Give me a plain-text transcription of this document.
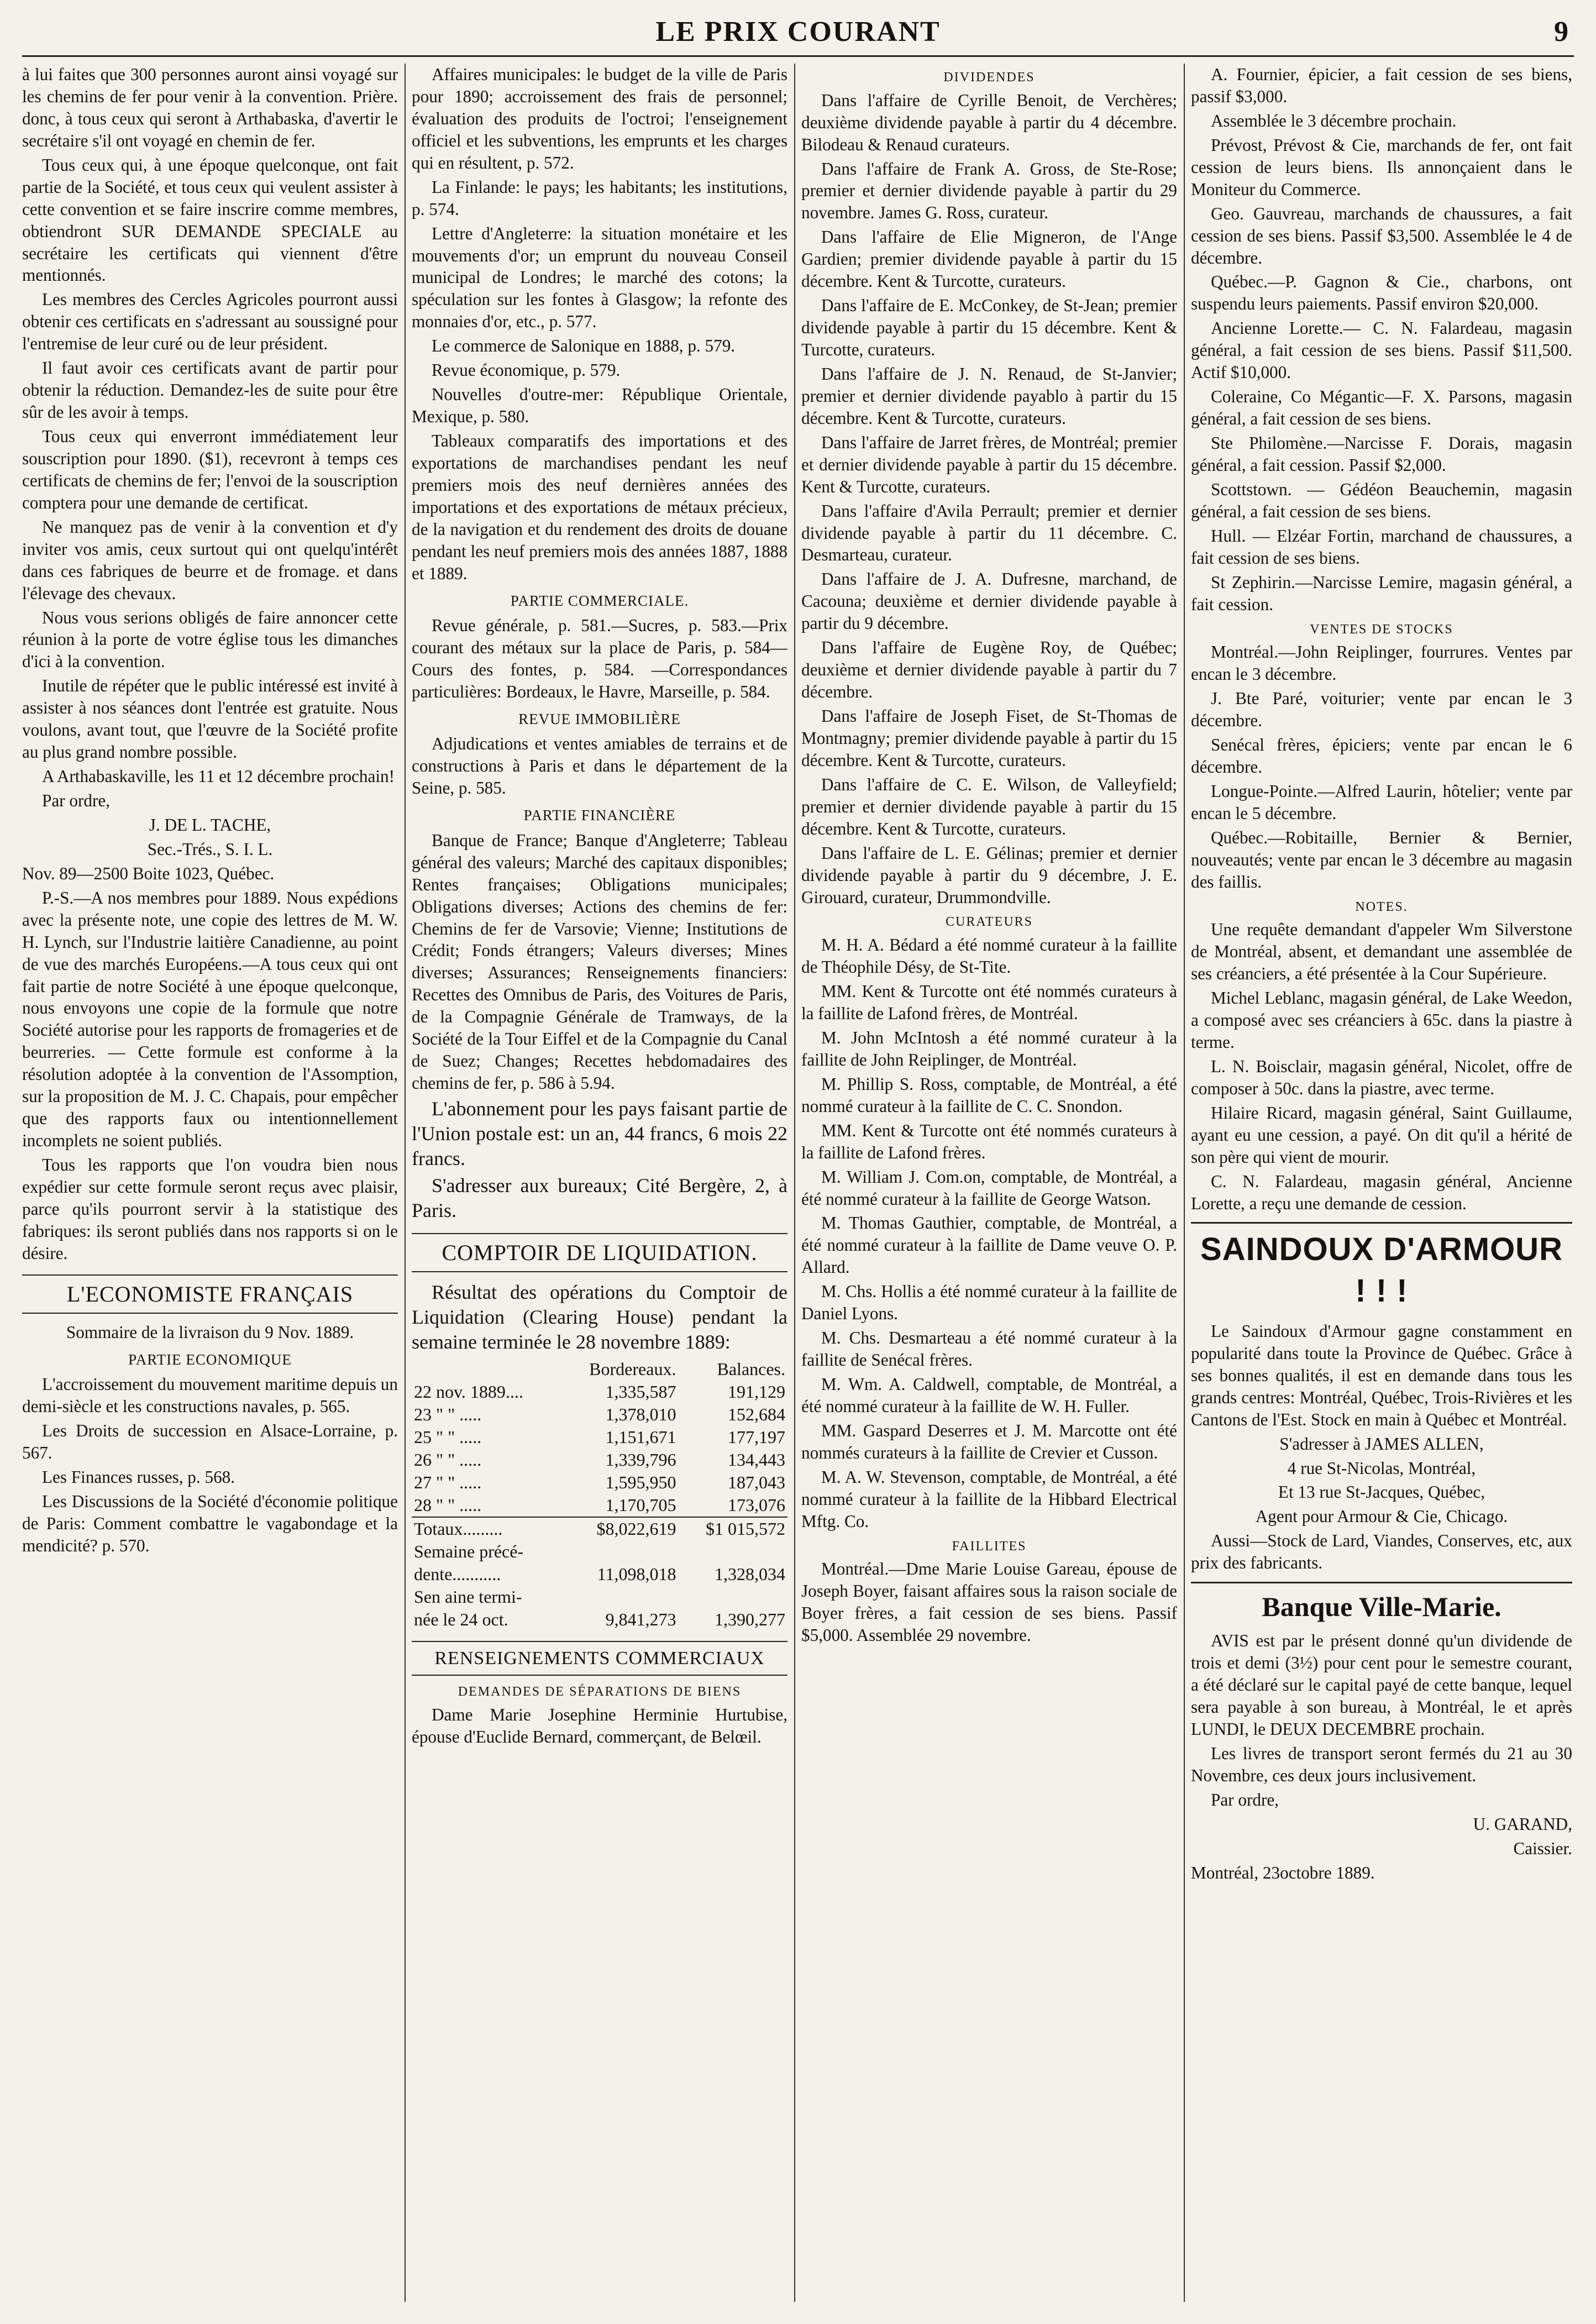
LE PRIX COURANT	9

à lui faites que 300 personnes auront ainsi voyagé sur les chemins de fer pour venir à la convention. Prière. donc, à tous ceux qui seront à Arthabaska, d'avertir le secrétaire s'il ont voyagé en chemin de fer.

Tous ceux qui, à une époque quelconque, ont fait partie de la Société, et tous ceux qui veulent assister à cette convention et se faire inscrire comme membres, obtiendront SUR DEMANDE SPECIALE au secrétaire les certificats qui viennent d'être mentionnés.

Les membres des Cercles Agricoles pourront aussi obtenir ces certificats en s'adressant au soussigné pour l'entremise de leur curé ou de leur président.

Il faut avoir ces certificats avant de partir pour obtenir la réduction. Demandez-les de suite pour être sûr de les avoir à temps.

Tous ceux qui enverront immédiatement leur souscription pour 1890. ($1), recevront à temps ces certificats de chemins de fer; l'envoi de la souscription compterа pour une demande de certificat.

Ne manquez pas de venir à la convention et d'y inviter vos amis, ceux surtout qui ont quelqu'intérêt dans ces fabriques de beurre et de fromage. et dans l'élevage des chevaux.

Nous vous serions obligés de faire annoncer cette réunion à la porte de votre église tous les dimanches d'ici à la convention.

Inutile de répéter que le public intéressé est invité à assister à nos séances dont l'entrée est gratuite. Nous voulons, avant tout, que l'œuvre de la Société profite au plus grand nombre possible.

A Arthabaskaville, les 11 et 12 décembre prochain!

Par ordre,

J. DE L. TACHE,

Sec.-Trés., S. I. L.

Nov. 89—2500 Boite 1023, Québec.

P.-S.—A nos membres pour 1889. Nous expédions avec la présente note, une copie des lettres de M. W. H. Lynch, sur l'Industrie laitière Canadienne, au point de vue des marchés Européens.—A tous ceux qui ont fait partie de notre Société à une époque quelconque, nous envoyons une copie de la formule que notre Société autorise pour les rapports de fromageries et de beurreries. — Cette formule est conforme à la résolution adoptée à la convention de l'Assomption, sur la proposition de M. J. C. Chapais, pour empêcher que des rapports faux ou intentionnellement incomplets ne soient publiés.

Tous les rapports que l'on voudra bien nous expédier sur cette formule seront reçus avec plaisir, parce qu'ils pourront servir à la statistique des fabriques: ils seront publiés dans nos rapports si on le désire.

L'ECONOMISTE FRANÇAIS

Sommaire de la livraison du 9 Nov. 1889.

PARTIE ECONOMIQUE

L'accroissement du mouvement maritime depuis un demi-siècle et les constructions navales, p. 565.

Les Droits de succession en Alsace-Lorraine, p. 567.

Les Finances russes, p. 568.

Les Discussions de la Société d'économie politique de Paris: Comment combattre le vagabondage et la mendicité? p. 570.

Affaires municipales: le budget de la ville de Paris pour 1890; accroissement des frais de personnel; évaluation des produits de l'octroi; l'enseignement officiel et les subventions, les emprunts et les charges qui en résultent, p. 572.

La Finlande: le pays; les habitants; les institutions, p. 574.

Lettre d'Angleterre: la situation monétaire et les mouvements d'or; un emprunt du nouveau Conseil municipal de Londres; le marché des cotons; la spéculation sur les fontes à Glasgow; la refonte des monnaies d'or, etc., p. 577.

Le commerce de Salonique en 1888, p. 579.

Revue économique, p. 579.

Nouvelles d'outre-mer: République Orientale, Mexique, p. 580.

Tableaux comparatifs des importations et des exportations de marchandises pendant les neuf premiers mois des neuf dernières années des importations et des exportations de métaux précieux, de la navigation et du rendement des droits de douane pendant les neuf premiers mois des années 1887, 1888 et 1889.

PARTIE COMMERCIALE.

Revue générale, p. 581.—Sucres, p. 583.—Prix courant des métaux sur la place de Paris, p. 584—Cours des fontes, p. 584. —Correspondances particulières: Bordeaux, le Havre, Marseille, p. 584.

REVUE IMMOBILIÈRE

Adjudications et ventes amiables de terrains et de constructions à Paris et dans le département de la Seine, p. 585.

PARTIE FINANCIÈRE

Banque de France; Banque d'Angleterre; Tableau général des valeurs; Marché des capitaux disponibles; Rentes françaises; Obligations municipales; Obligations diverses; Actions des chemins de fer: Chemins de fer de Varsovie; Vienne; Institutions de Crédit; Fonds étrangers; Valeurs diverses; Mines diverses; Assurances; Renseignements financiers: Recettes des Omnibus de Paris, des Voitures de Paris, de la Compagnie Générale de Tramways, de la Société de la Tour Eiffel et de la Compagnie du Canal de Suez; Changes; Recettes hebdomadaires des chemins de fer, p. 586 à 5.94.

L'abonnement pour les pays faisant partie de l'Union postale est: un an, 44 francs, 6 mois 22 francs.

S'adresser aux bureaux; Cité Bergère, 2, à Paris.

COMPTOIR DE LIQUIDATION.

Résultat des opérations du Comptoir de Liquidation (Clearing House) pendant la semaine terminée le 28 novembre 1889:

	Bordereaux.	Balances.
22 nov. 1889....	1,335,587	191,129
23 " " .....	1,378,010	152,684
25 " " .....	1,151,671	177,197
26 " " .....	1,339,796	134,443
27 " " .....	1,595,950	187,043
28 " " .....	1,170,705	173,076
Totaux.........	$8,022,619	$1 015,572
Semaine précé-		
dente...........	11,098,018	1,328,034
Sen aine termi-		
née le 24 oct.	9,841,273	1,390,277
RENSEIGNEMENTS COMMERCIAUX

DEMANDES DE SÉPARATIONS DE BIENS

Dame Marie Josephine Herminie Hurtubise, épouse d'Euclide Bernard, commerçant, de Belœil.

DIVIDENDES

Dans l'affaire de Cyrille Benoit, de Verchères; deuxième dividende payable à partir du 4 décembre. Bilodeau & Renaud curateurs.

Dans l'affaire de Frank A. Gross, de Ste-Rose; premier et dernier dividende payable à partir du 29 novembre. James G. Ross, curateur.

Dans l'affaire de Elie Migneron, de l'Ange Gardien; premier dividende payable à partir du 15 décembre. Kent & Turcotte, curateurs.

Dans l'affaire de E. McConkey, de St-Jean; premier dividende payable à partir du 15 décembre. Kent & Turcotte, curateurs.

Dans l'affaire de J. N. Renaud, de St-Janvier; premier et dernier dividende payablo à partir du 15 décembre. Kent & Turcotte, curateurs.

Dans l'affaire de Jarret frères, de Montréal; premier et dernier dividende payable à partir du 15 décembre. Kent & Turcotte, curateurs.

Dans l'affaire d'Avila Perrault; premier et dernier dividende payable à partir du 11 décembre. C. Desmarteau, curateur.

Dans l'affaire de J. A. Dufresne, marchand, de Cacouna; deuxième et dernier dividende payable à partir du 9 décembre.

Dans l'affaire de Eugène Roy, de Québec; deuxième et dernier dividende payable à partir du 7 décembre.

Dans l'affaire de Joseph Fiset, de St-Thomas de Montmagny; premier dividende payable à partir du 15 décembre. Kent & Turcotte, curateurs.

Dans l'affaire de C. E. Wilson, de Valleyfield; premier et dernier dividende payable à partir du 15 décembre. Kent & Turcotte, curateurs.

Dans l'affaire de L. E. Gélinas; premier et dernier dividende payable à partir du 9 décembre, J. E. Girouard, curateur, Drummondville.

CURATEURS

M. H. A. Bédard a été nommé curateur à la faillite de Théophile Désy, de St-Tite.

MM. Kent & Turcotte ont été nommés curateurs à la faillite de Lafond frères, de Montréal.

M. John McIntosh a été nommé curateur à la faillite de John Reiplinger, de Montréal.

M. Phillip S. Ross, comptable, de Montréal, a été nommé curateur à la faillite de C. C. Snondon.

MM. Kent & Turcotte ont été nommés curateurs à la faillite de Lafond frères.

M. William J. Com.on, comptable, de Montréal, a été nommé curateur à la faillite de George Watson.

M. Thomas Gauthier, comptable, de Montréal, a été nommé curateur à la faillite de Dame veuve O. P. Allard.

M. Chs. Hollis a été nommé curateur à la faillite de Daniel Lyons.

M. Chs. Desmarteau a été nommé curateur à la faillite de Senécal frères.

M. Wm. A. Caldwell, comptable, de Montréal, a été nommé curateur à la faillite de W. H. Fuller.

MM. Gaspard Deserres et J. M. Marcotte ont été nommés curateurs à la faillite de Crevier et Cusson.

M. A. W. Stevenson, comptable, de Montréal, a été nommé curateur à la faillite de la Hibbard Electrical Mftg. Co.

FAILLITES

Montréal.—Dme Marie Louise Gareau, épouse de Joseph Boyer, faisant affaires sous la raison sociale de Boyer frères, a fait cession de ses biens. Passif $5,000. Assemblée 29 novembre.

A. Fournier, épicier, a fait cession de ses biens, passif $3,000.

Assemblée le 3 décembre prochain.

Prévost, Prévost & Cie, marchands de fer, ont fait cession de leurs biens. Ils annonçaient dans le Moniteur du Commerce.

Geo. Gauvreau, marchands de chaussures, a fait cession de ses biens. Passif $3,500. Assemblée le 4 de décembre.

Québec.—P. Gagnon & Cie., charbons, ont suspendu leurs paiements. Passif environ $20,000.

Ancienne Lorette.— C. N. Falardeau, magasin général, a fait cession de ses biens. Passif $11,500. Actif $10,000.

Coleraine, Co Mégantic—F. X. Parsons, magasin général, a fait cession de ses biens.

Ste Philomène.—Narcisse F. Dorais, magasin général, a fait cession. Passif $2,000.

Scottstown. — Gédéon Beauchemin, magasin général, a fait cession de ses biens.

Hull. — Elzéar Fortin, marchand de chaussures, a fait cession de ses biens.

St Zephirin.—Narcisse Lemire, magasin général, a fait cession.

VENTES DE STOCKS

Montréal.—John Reiplinger, fourrures. Ventes par encan le 3 décembre.

J. Bte Paré, voiturier; vente par encan le 3 décembre.

Senécal frères, épiciers; vente par encan le 6 décembre.

Longue-Pointe.—Alfred Laurin, hôtelier; vente par encan le 5 décembre.

Québec.—Robitaille, Bernier & Bernier, nouveautés; vente par encan le 3 décembre au magasin des faillis.

NOTES.

Une requête demandant d'appeler Wm Silverstone de Montréal, absent, et demandant une assemblée de ses créanciers, a été présentée à la Cour Supérieure.

Michel Leblanc, magasin général, de Lake Weedon, a composé avec ses créanciers à 65c. dans la piastre à terme.

L. N. Boisclair, magasin général, Nicolet, offre de composer à 50c. dans la piastre, avec terme.

Hilaire Ricard, magasin général, Saint Guillaume, ayant eu une cession, a payé. On dit qu'il a hérité de son père qui vient de mourir.

C. N. Falardeau, magasin général, Ancienne Lorette, a reçu une demande de cession.

SAINDOUX D'ARMOUR ! ! !

Le Saindoux d'Armour gagne constamment en popularité dans toute la Province de Québec. Grâce à ses bonnes qualités, il est en demande dans tous les grands centres: Montréal, Québec, Trois-Rivières et les Cantons de l'Est. Stock en main à Québec et Montréal.

S'adresser à JAMES ALLEN,

4 rue St-Nicolas, Montréal,

Et 13 rue St-Jacques, Québec,

Agent pour Armour & Cie, Chicago.

Aussi—Stock de Lard, Viandes, Conserves, etc, aux prix des fabricants.

Banque Ville-Marie.

AVIS est par le présent donné qu'un dividende de trois et demi (3½) pour cent pour le semestre courant, a été déclaré sur le capital payé de cette banque, lequel sera payable à son bureau, à Montréal, le et après LUNDI, le DEUX DECEMBRE prochain.

Les livres de transport seront fermés du 21 au 30 Novembre, ces deux jours inclusivement.

Par ordre,

U. GARAND,

Caissier.

Montréal, 23octobre 1889.
